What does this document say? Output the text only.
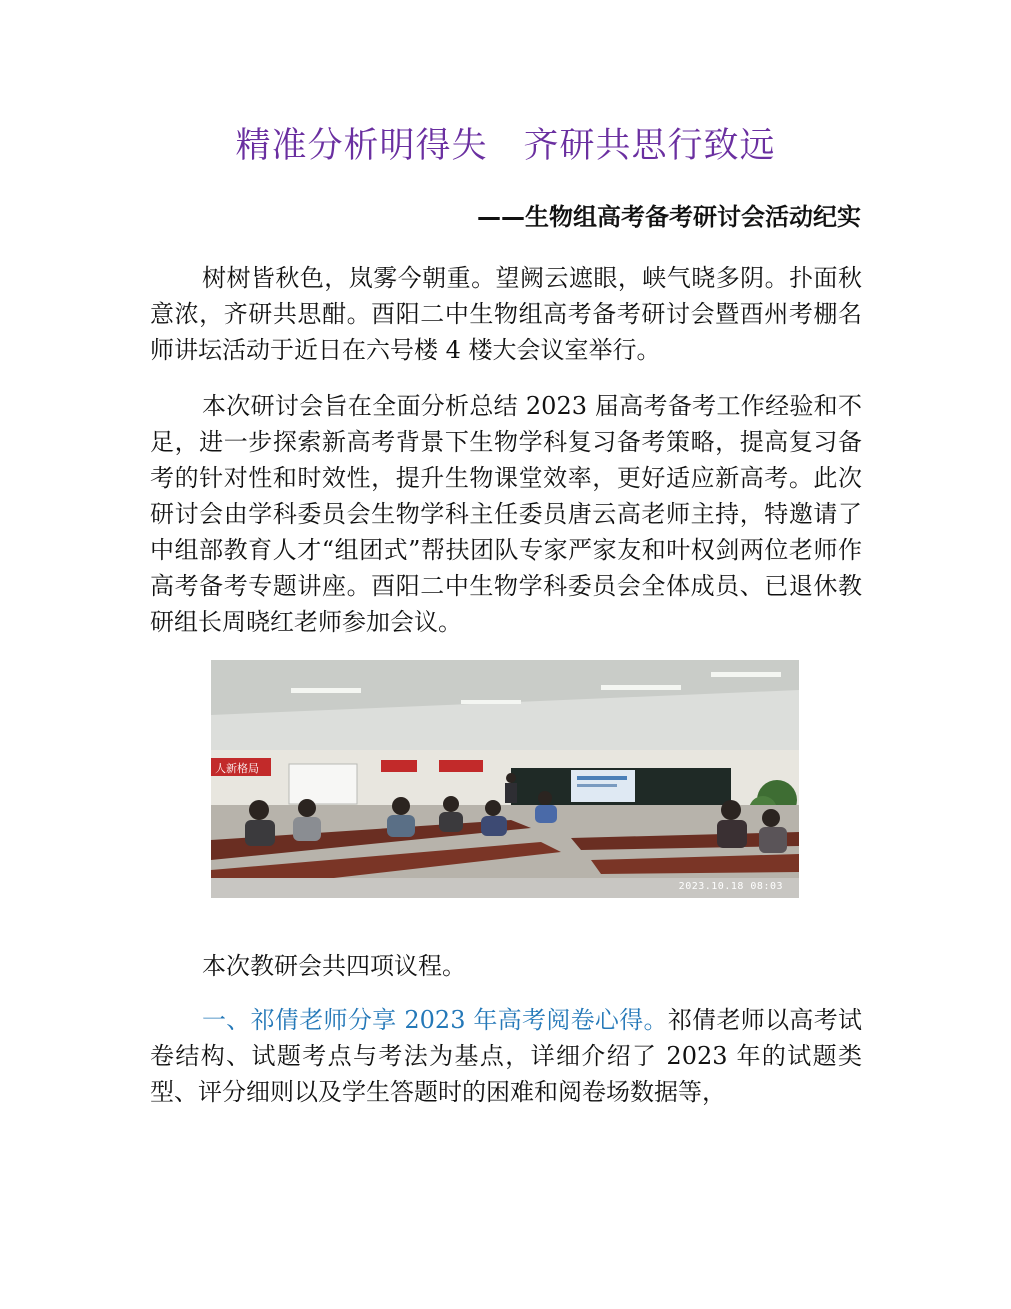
精准分析明得失 齐研共思行致远
——生物组高考备考研讨会活动纪实

树树皆秋色，岚雾今朝重。望阙云遮眼，峡气晓多阴。扑面秋意浓，齐研共思酣。酉阳二中生物组高考备考研讨会暨酉州考棚名师讲坛活动于近日在六号楼 4 楼大会议室举行。

本次研讨会旨在全面分析总结 2023 届高考备考工作经验和不足，进一步探索新高考背景下生物学科复习备考策略，提高复习备考的针对性和时效性，提升生物课堂效率，更好适应新高考。此次研讨会由学科委员会生物学科主任委员唐云高老师主持，特邀请了中组部教育人才“组团式”帮扶团队专家严家友和叶权剑两位老师作高考备考专题讲座。酉阳二中生物学科委员会全体成员、已退休教研组长周晓红老师参加会议。

人新格局
2023.10.18 08:03

本次教研会共四项议程。

一、祁倩老师分享 2023 年高考阅卷心得。祁倩老师以高考试卷结构、试题考点与考法为基点，详细介绍了 2023 年的试题类型、评分细则以及学生答题时的困难和阅卷场数据等，
